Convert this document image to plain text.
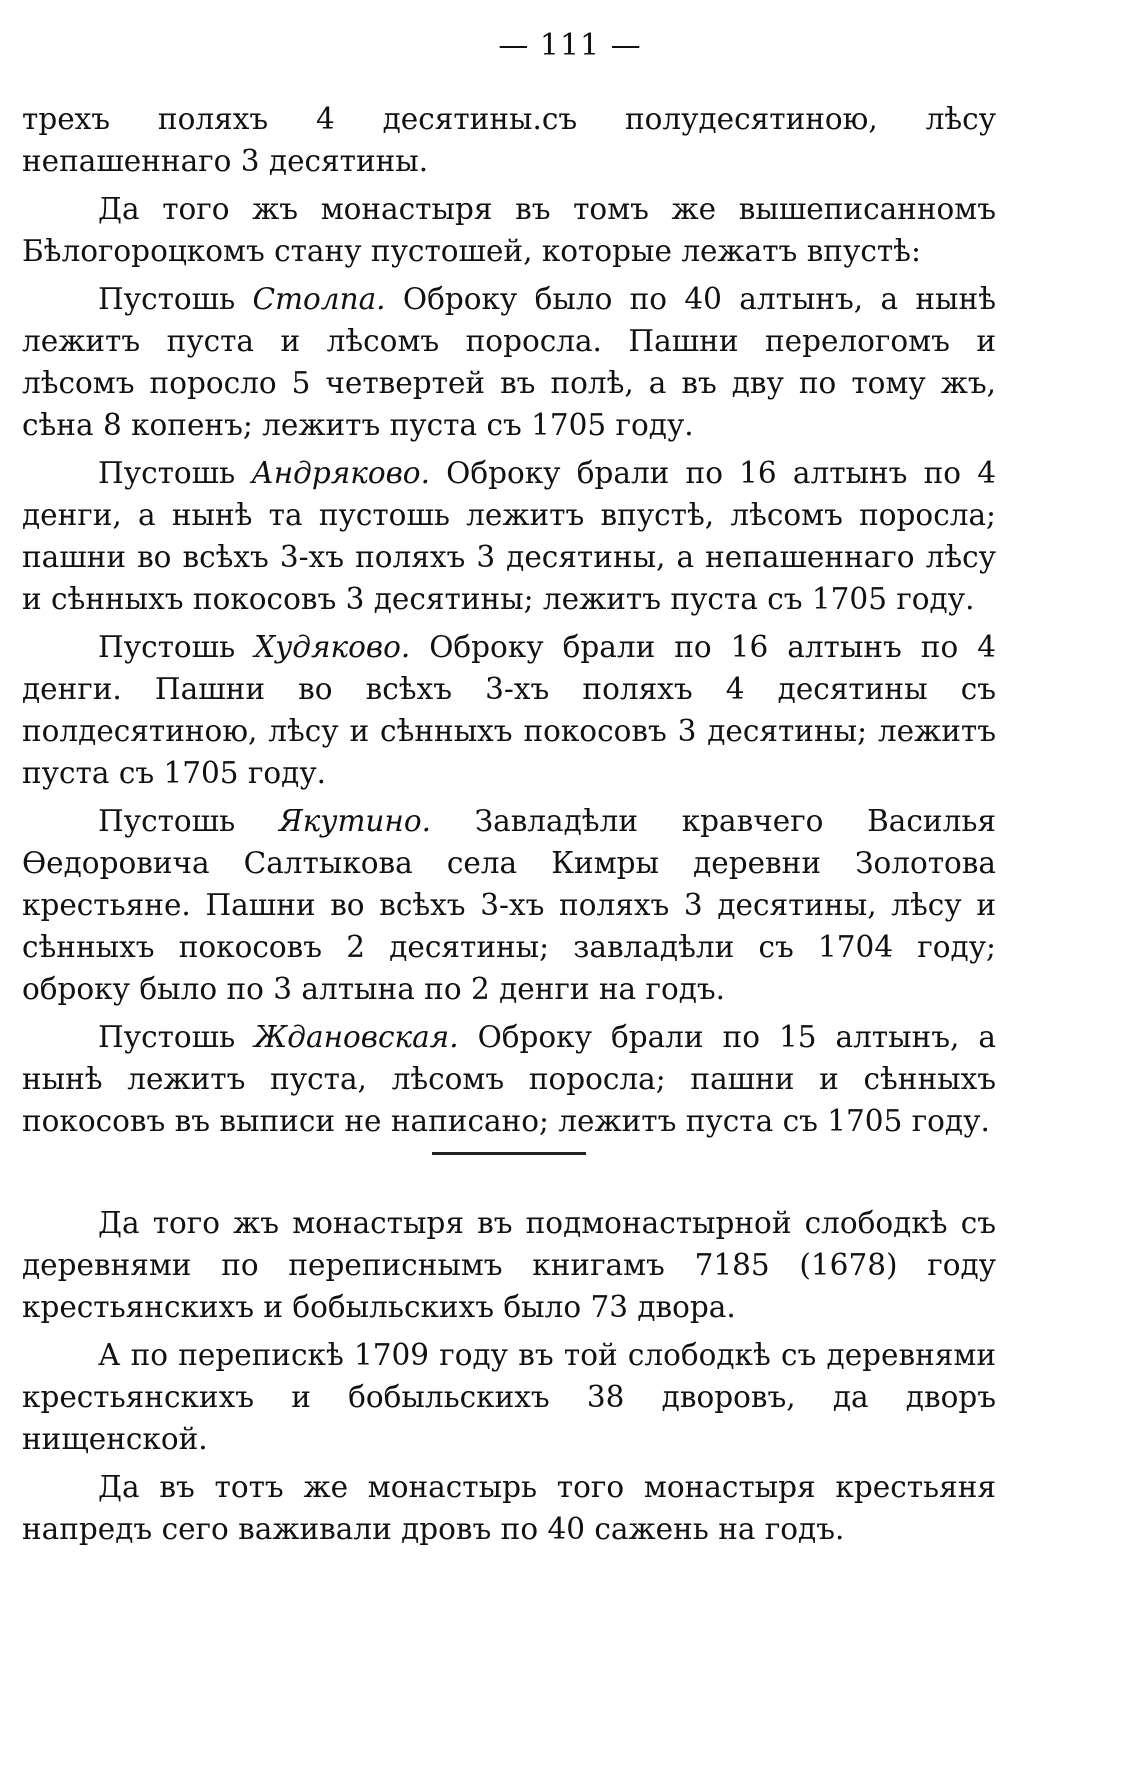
— 111 —

трехъ поляхъ 4 десятины.съ полудесятиною, лѣсу непашеннаго 3 десятины.

Да того жъ монастыря въ томъ же вышеписанномъ Бѣлогороцкомъ стану пустошей, которые лежатъ впустѣ:

Пустошь Столпа. Оброку было по 40 алтынъ, а нынѣ лежитъ пуста и лѣсомъ поросла. Пашни перелогомъ и лѣсомъ поросло 5 четвертей въ полѣ, а въ дву по тому жъ, сѣна 8 копенъ; лежитъ пуста съ 1705 году.

Пустошь Андряково. Оброку брали по 16 алтынъ по 4 денги, а нынѣ та пустошь лежитъ впустѣ, лѣсомъ поросла; пашни во всѣхъ 3-хъ поляхъ 3 десятины, а непашеннаго лѣсу и сѣнныхъ покосовъ 3 десятины; лежитъ пуста съ 1705 году.

Пустошь Худяково. Оброку брали по 16 алтынъ по 4 денги. Пашни во всѣхъ 3-хъ поляхъ 4 десятины съ полдесятиною, лѣсу и сѣнныхъ покосовъ 3 десятины; лежитъ пуста съ 1705 году.

Пустошь Якутино. Завладѣли кравчего Василья Өедоровича Салтыкова села Кимры деревни Золотова крестьяне. Пашни во всѣхъ 3-хъ поляхъ 3 десятины, лѣсу и сѣнныхъ покосовъ 2 десятины; завладѣли съ 1704 году; оброку было по 3 алтына по 2 денги на годъ.

Пустошь Ждановская. Оброку брали по 15 алтынъ, а нынѣ лежитъ пуста, лѣсомъ поросла; пашни и сѣнныхъ покосовъ въ выписи не написано; лежитъ пуста съ 1705 году.

Да того жъ монастыря въ подмонастырной слободкѣ съ деревнями по переписнымъ книгамъ 7185 (1678) году крестьянскихъ и бобыльскихъ было 73 двора.

А по перепискѣ 1709 году въ той слободкѣ съ деревнями крестьянскихъ и бобыльскихъ 38 дворовъ, да дворъ нищенской.

Да въ тотъ же монастырь того монастыря крестьяня напредъ сего важивали дровъ по 40 сажень на годъ.
